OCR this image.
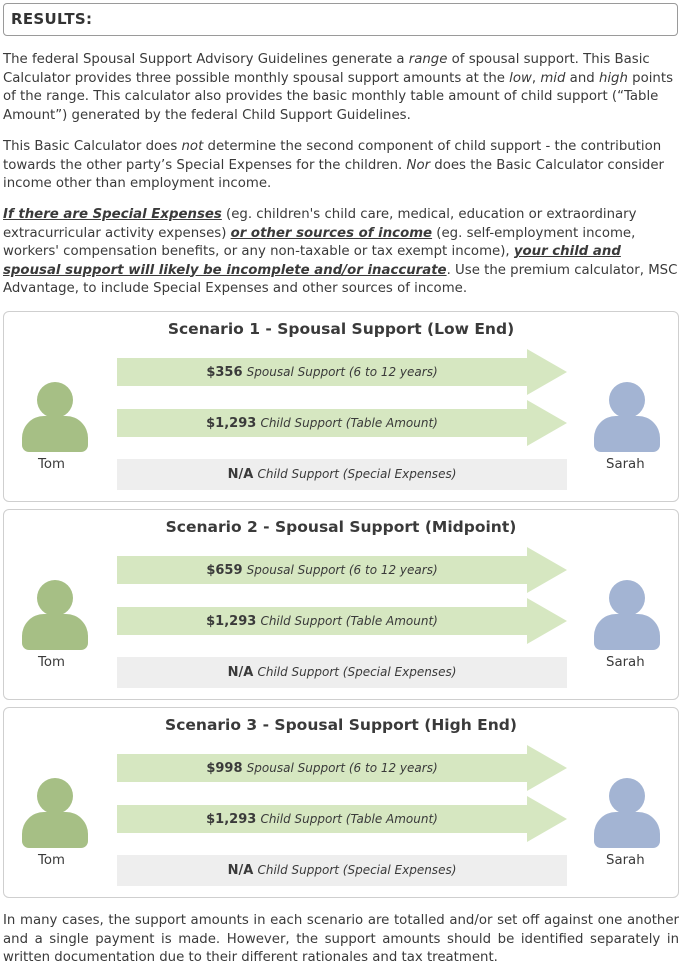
RESULTS:

The federal Spousal Support Advisory Guidelines generate a range of spousal support. This Basic Calculator provides three possible monthly spousal support amounts at the low, mid and high points of the range. This calculator also provides the basic monthly table amount of child support (“Table Amount”) generated by the federal Child Support Guidelines.

This Basic Calculator does not determine the second component of child support - the contribution towards the other party’s Special Expenses for the children. Nor does the Basic Calculator consider income other than employment income.

If there are Special Expenses (eg. children's child care, medical, education or extraordinary extracurricular activity expenses) or other sources of income (eg. self-employment income, workers' compensation benefits, or any non-taxable or tax exempt income), your child and spousal support will likely be incomplete and/or inaccurate. Use the premium calculator, MSC Advantage, to include Special Expenses and other sources of income.

Scenario 1 - Spousal Support (Low End)
Tom
$356 Spousal Support (6 to 12 years)
$1,293 Child Support (Table Amount)
N/A Child Support (Special Expenses)
Sarah
Scenario 2 - Spousal Support (Midpoint)
Tom
$659 Spousal Support (6 to 12 years)
$1,293 Child Support (Table Amount)
N/A Child Support (Special Expenses)
Sarah
Scenario 3 - Spousal Support (High End)
Tom
$998 Spousal Support (6 to 12 years)
$1,293 Child Support (Table Amount)
N/A Child Support (Special Expenses)
Sarah

In many cases, the support amounts in each scenario are totalled and/or set off against one another and a single payment is made. However, the support amounts should be identified separately in written documentation due to their different rationales and tax treatment.
